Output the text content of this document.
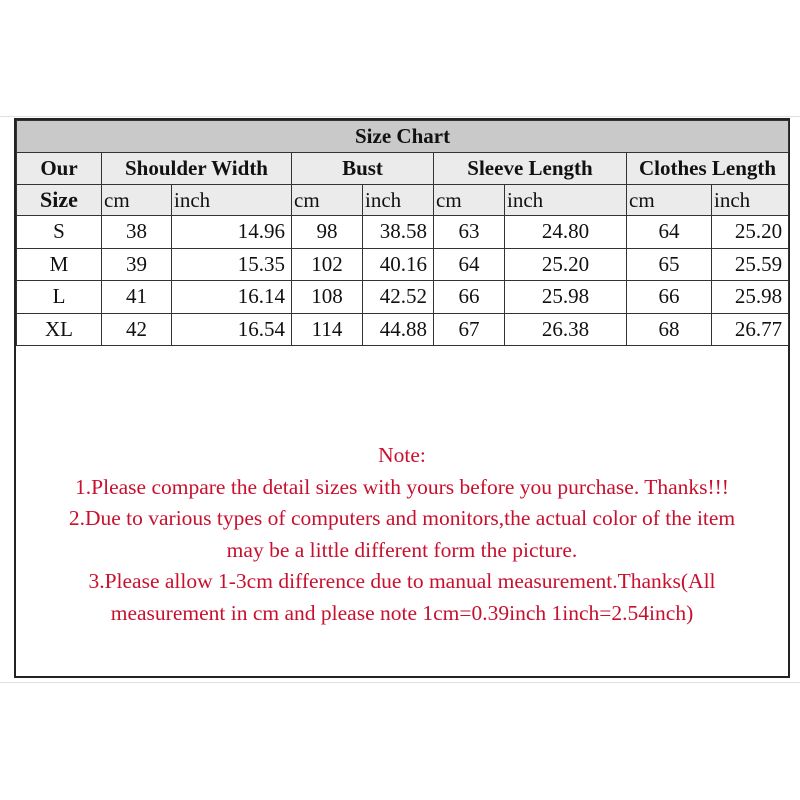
Size Chart								
Our	Shoulder Width		Bust		Sleeve Length		Clothes Length	
Size	cm	inch	cm	inch	cm	inch	cm	inch
S	38	14.96	98	38.58	63	24.80	64	25.20
M	39	15.35	102	40.16	64	25.20	65	25.59
L	41	16.14	108	42.52	66	25.98	66	25.98
XL	42	16.54	114	44.88	67	26.38	68	26.77
Note:
1.Please compare the detail sizes with yours before you purchase. Thanks!!!
2.Due to various types of computers and monitors,the actual color of the item
may be a little different form the picture.
3.Please allow 1-3cm difference due to manual measurement.Thanks(All
measurement in cm and please note 1cm=0.39inch 1inch=2.54inch)
